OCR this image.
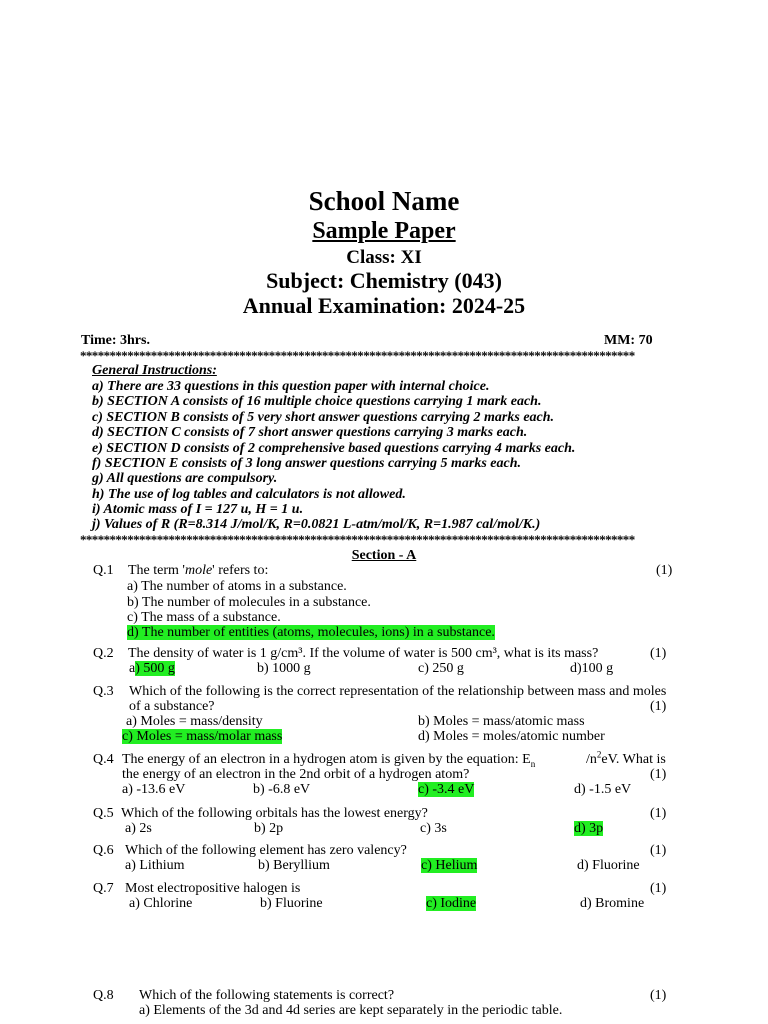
School Name
Sample Paper
Class: XI
Subject: Chemistry (043)
Annual Examination: 2024-25
Time: 3hrs.	MM: 70
**********************************************************************************************
General Instructions:
a) There are 33 questions in this question paper with internal choice.
b) SECTION A consists of 16 multiple choice questions carrying 1 mark each.
c) SECTION B consists of 5 very short answer questions carrying 2 marks each.
d) SECTION C consists of 7 short answer questions carrying 3 marks each.
e) SECTION D consists of 2 comprehensive based questions carrying 4 marks each.
f) SECTION E consists of 3 long answer questions carrying 5 marks each.
g) All questions are compulsory.
h) The use of log tables and calculators is not allowed.
i) Atomic mass of I = 127 u, H = 1 u.
j) Values of R (R=8.314 J/mol/K, R=0.0821 L-atm/mol/K, R=1.987 cal/mol/K.)
**********************************************************************************************
Section - A
Q.1 The term 'mole' refers to:	(1)
a) The number of atoms in a substance.
b) The number of molecules in a substance.
c) The mass of a substance.
d) The number of entities (atoms, molecules, ions) in a substance.
Q.2 The density of water is 1 g/cm³. If the volume of water is 500 cm³, what is its mass?	(1)
a) 500 g	b) 1000 g	c) 250 g	d)100 g
Q.3 Which of the following is the correct representation of the relationship between mass and moles
of a substance?	(1)
a) Moles = mass/density	b) Moles = mass/atomic mass
c) Moles = mass/molar mass	d) Moles = moles/atomic number
Q.4 The energy of an electron in a hydrogen atom is given by the equation: $E_n$	$/n^2eV$. What is
the energy of an electron in the 2nd orbit of a hydrogen atom?	(1)
a) -13.6 eV	b) -6.8 eV	c) -3.4 eV	d) -1.5 eV
Q.5 Which of the following orbitals has the lowest energy?	(1)
a) 2s	b) 2p	c) 3s	d) 3p
Q.6 Which of the following element has zero valency?	(1)
a) Lithium	b) Beryllium	c) Helium	d) Fluorine
Q.7 Most electropositive halogen is	(1)
a) Chlorine	b) Fluorine	c) Iodine	d) Bromine
Q.8 Which of the following statements is correct?	(1)
a) Elements of the 3d and 4d series are kept separately in the periodic table.
